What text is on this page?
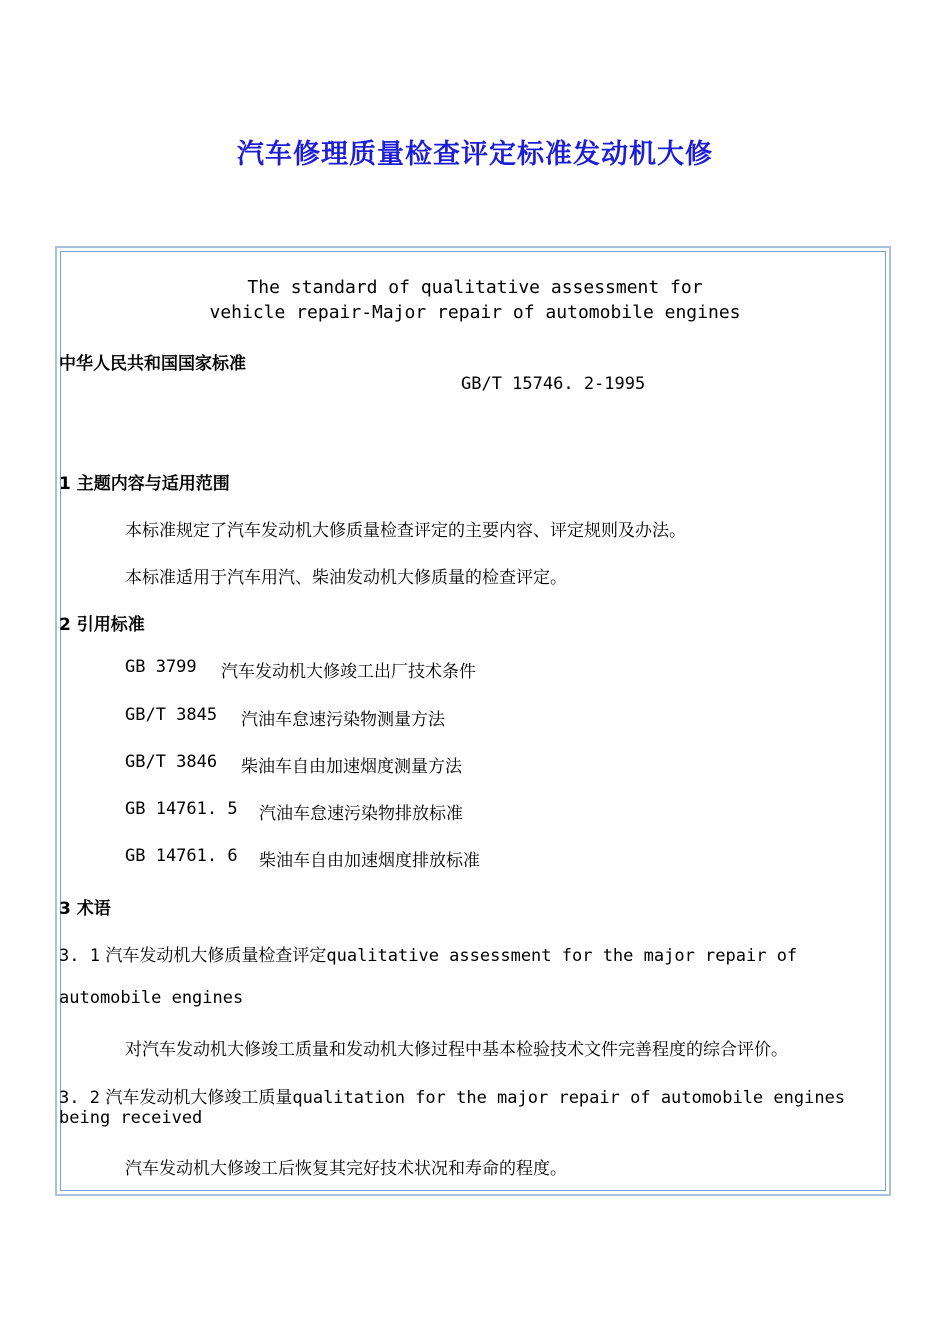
汽车修理质量检查评定标准发动机大修
The standard of qualitative assessment for
vehicle repair-Major repair of automobile engines
中华人民共和国国家标准
GB/T 15746. 2-1995
1 主题内容与适用范围
本标准规定了汽车发动机大修质量检查评定的主要内容、评定规则及办法。
本标准适用于汽车用汽、柴油发动机大修质量的检查评定。
2 引用标准
GB 3799 汽车发动机大修竣工出厂技术条件
GB/T 3845 汽油车怠速污染物测量方法
GB/T 3846 柴油车自由加速烟度测量方法
GB 14761. 5 汽油车怠速污染物排放标准
GB 14761. 6 柴油车自由加速烟度排放标准
3 术语
3. 1 汽车发动机大修质量检查评定qualitative assessment for the major repair of
automobile engines
对汽车发动机大修竣工质量和发动机大修过程中基本检验技术文件完善程度的综合评价。
3. 2 汽车发动机大修竣工质量qualitation for the major repair of automobile engines
being received
汽车发动机大修竣工后恢复其完好技术状况和寿命的程度。
